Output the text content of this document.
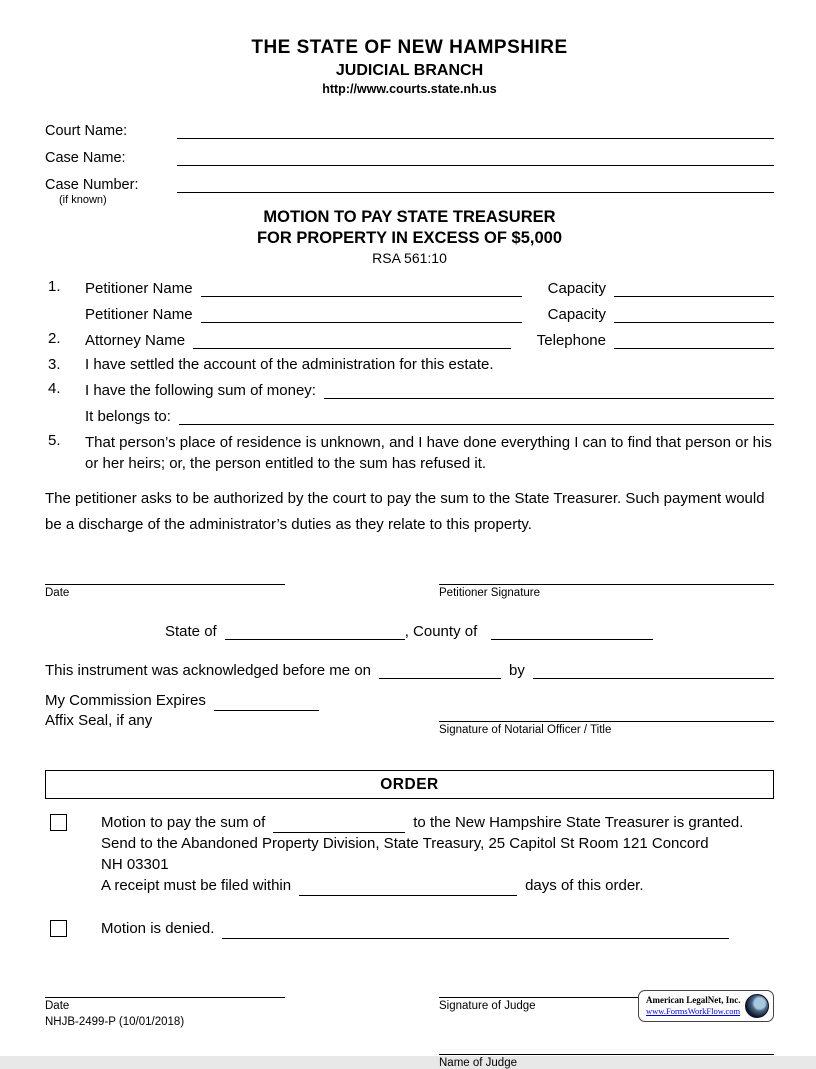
THE STATE OF NEW HAMPSHIRE
JUDICIAL BRANCH
http://www.courts.state.nh.us
Court Name:
Case Name:
Case Number:
(if known)
MOTION TO PAY STATE TREASURER
FOR PROPERTY IN EXCESS OF $5,000
RSA 561:10
1.	Petitioner Name	Capacity
Petitioner Name	Capacity
2.	Attorney Name	Telephone
3.	I have settled the account of the administration for this estate.
4.	I have the following sum of money:
It belongs to:
5.	That person’s place of residence is unknown, and I have done everything I can to find that person or his or her heirs; or, the person entitled to the sum has refused it.
The petitioner asks to be authorized by the court to pay the sum to the State Treasurer. Such payment would be a discharge of the administrator’s duties as they relate to this property.
Date	Petitioner Signature
State of	, County of
This instrument was acknowledged before me on	by
My Commission Expires
Affix Seal, if any
Signature of Notarial Officer / Title
ORDER
Motion to pay the sum of	to the New Hampshire State Treasurer is granted.
Send to the Abandoned Property Division, State Treasury, 25 Capitol St Room 121 Concord
NH 03301
A receipt must be filed within	days of this order.
Motion is denied.
Date	Signature of Judge
Name of Judge
NHJB-2499-P (10/01/2018)
American LegalNet, Inc.
www.FormsWorkFlow.com
